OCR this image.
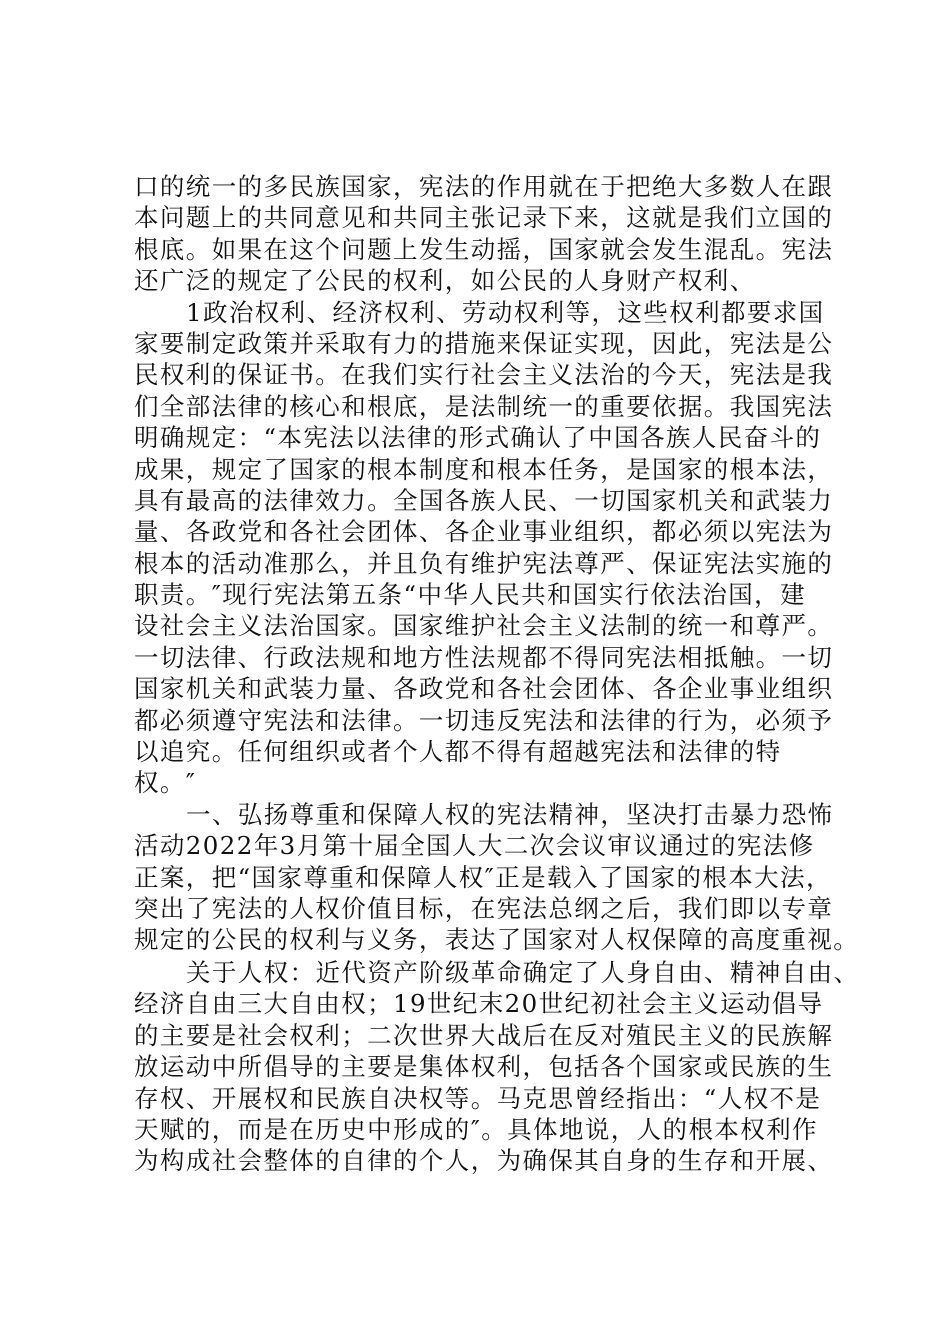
口的统一的多民族国家，宪法的作用就在于把绝大多数人在跟
本问题上的共同意见和共同主张记录下来，这就是我们立国的
根底。如果在这个问题上发生动摇，国家就会发生混乱。宪法
还广泛的规定了公民的权利，如公民的人身财产权利、
1政治权利、经济权利、劳动权利等，这些权利都要求国
家要制定政策并采取有力的措施来保证实现，因此，宪法是公
民权利的保证书。在我们实行社会主义法治的今天，宪法是我
们全部法律的核心和根底，是法制统一的重要依据。我国宪法
明确规定：“本宪法以法律的形式确认了中国各族人民奋斗的
成果，规定了国家的根本制度和根本任务，是国家的根本法，
具有最高的法律效力。全国各族人民、一切国家机关和武装力
量、各政党和各社会团体、各企业事业组织，都必须以宪法为
根本的活动准那么，并且负有维护宪法尊严、保证宪法实施的
职责。″现行宪法第五条“中华人民共和国实行依法治国，建
设社会主义法治国家。国家维护社会主义法制的统一和尊严。
一切法律、行政法规和地方性法规都不得同宪法相抵触。一切
国家机关和武装力量、各政党和各社会团体、各企业事业组织
都必须遵守宪法和法律。一切违反宪法和法律的行为，必须予
以追究。任何组织或者个人都不得有超越宪法和法律的特
权。″
一、弘扬尊重和保障人权的宪法精神，坚决打击暴力恐怖
活动2022年3月第十届全国人大二次会议审议通过的宪法修
正案，把“国家尊重和保障人权″正是载入了国家的根本大法，
突出了宪法的人权价值目标，在宪法总纲之后，我们即以专章
规定的公民的权利与义务，表达了国家对人权保障的高度重视。
关于人权：近代资产阶级革命确定了人身自由、精神自由、
经济自由三大自由权；19世纪末20世纪初社会主义运动倡导
的主要是社会权利；二次世界大战后在反对殖民主义的民族解
放运动中所倡导的主要是集体权利，包括各个国家或民族的生
存权、开展权和民族自决权等。马克思曾经指出：“人权不是
天赋的，而是在历史中形成的″。具体地说，人的根本权利作
为构成社会整体的自律的个人，为确保其自身的生存和开展、
